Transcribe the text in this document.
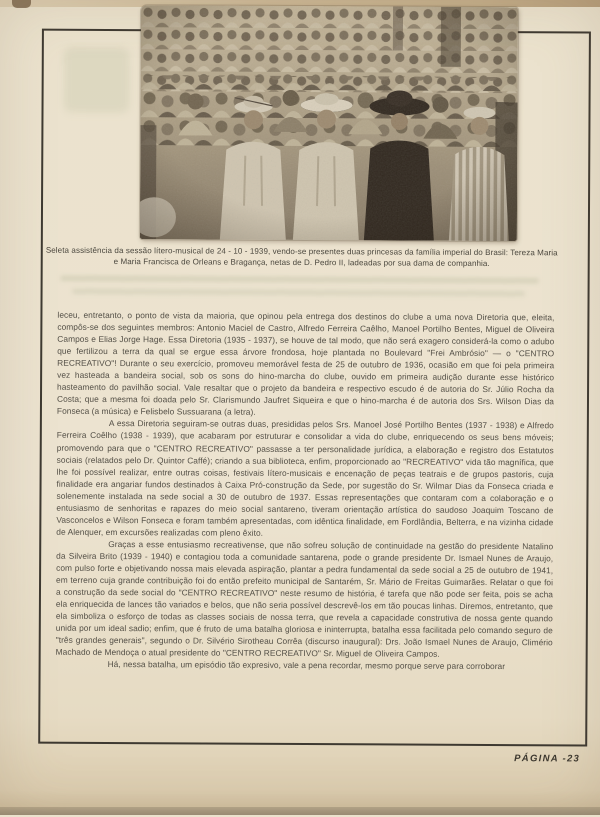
Seleta assistência da sessão lítero-musical de 24 - 10 - 1939, vendo-se presentes duas princesas da família imperial do Brasil: Tereza Maria e Maria Francisca de Orleans e Bragança, netas de D. Pedro II, ladeadas por sua dama de companhia.

leceu, entretanto, o ponto de vista da maioria, que opinou pela entrega dos destinos do clube a uma nova Diretoria que, eleita, compôs-se dos seguintes membros: Antonio Maciel de Castro, Alfredo Ferreira Caêlho, Manoel Portilho Bentes, Miguel de Oliveira Campos e Elias Jorge Hage. Essa Diretoria (1935 - 1937), se houve de tal modo, que não será exagero considerá-la como o adubo que fertilizou a terra da qual se ergue essa árvore frondosa, hoje plantada no Boulevard "Frei Ambrósio" — o "CENTRO RECREATIVO"! Durante o seu exercício, promoveu memorável festa de 25 de outubro de 1936, ocasião em que foi pela primeira vez hasteada a bandeira social, sob os sons do hino-marcha do clube, ouvido em primeira audição durante esse histórico hasteamento do pavilhão social. Vale resaltar que o projeto da bandeira e respectivo escudo é de autoria do Sr. Júlio Rocha da Costa; que a mesma foi doada pelo Sr. Clarismundo Jaufret Siqueira e que o hino-marcha é de autoria dos Srs. Wilson Dias da Fonseca (a música) e Felisbelo Sussuarana (a letra).

A essa Diretoria seguiram-se outras duas, presididas pelos Srs. Manoel José Portilho Bentes (1937 - 1938) e Alfredo Ferreira Coêlho (1938 - 1939), que acabaram por estruturar e consolidar a vida do clube, enriquecendo os seus bens móveis; promovendo para que o "CENTRO RECREATIVO" passasse a ter personalidade jurídica, a elaboração e registro dos Estatutos sociais (relatados pelo Dr. Quintor Caffé); criando a sua biblioteca, enfim, proporcionado ao "RECREATIVO" vida tão magnífica, que lhe foi possível realizar, entre outras coisas, festivais lítero-musicais e encenação de peças teatrais e de grupos pastoris, cuja finalidade era angariar fundos destinados à Caixa Pró-construção da Sede, por sugestão do Sr. Wilmar Dias da Fonseca criada e solenemente instalada na sede social a 30 de outubro de 1937. Essas representações que contaram com a colaboração e o entusiasmo de senhoritas e rapazes do meio social santareno, tiveram orientação artística do saudoso Joaquim Toscano de Vasconcelos e Wilson Fonseca e foram também apresentadas, com idêntica finalidade, em Fordlândia, Belterra, e na vizinha cidade de Alenquer, em excursões realizadas com pleno êxito.

Graças a esse entusiasmo recreativense, que não sofreu solução de continuidade na gestão do presidente Natalino da Silveira Brito (1939 - 1940) e contagiou toda a comunidade santarena, pode o grande presidente Dr. Ismael Nunes de Araujo, com pulso forte e objetivando nossa mais elevada aspiração, plantar a pedra fundamental da sede social a 25 de outubro de 1941, em terreno cuja grande contribuição foi do então prefeito municipal de Santarém, Sr. Mário de Freitas Guimarães. Relatar o que foi a construção da sede social do "CENTRO RECREATIVO" neste resumo de história, é tarefa que não pode ser feita, pois se acha ela enriquecida de lances tão variados e belos, que não seria possível descrevê-los em tão poucas linhas. Diremos, entretanto, que ela simboliza o esforço de todas as classes sociais de nossa terra, que revela a capacidade construtiva de nossa gente quando unida por um ideal sadio; enfim, que é fruto de uma batalha gloriosa e ininterrupta, batalha essa facilitada pelo comando seguro de "três grandes generais", segundo o Dr. Silvério Sirotheau Corrêa (discurso inaugural): Drs. João Ismael Nunes de Araujo, Climério Machado de Mendoça o atual presidente do "CENTRO RECREATIVO" Sr. Miguel de Oliveira Campos.

Há, nessa batalha, um episódio tão expresivo, vale a pena recordar, mesmo porque serve para corroborar

PÁGINA -23
